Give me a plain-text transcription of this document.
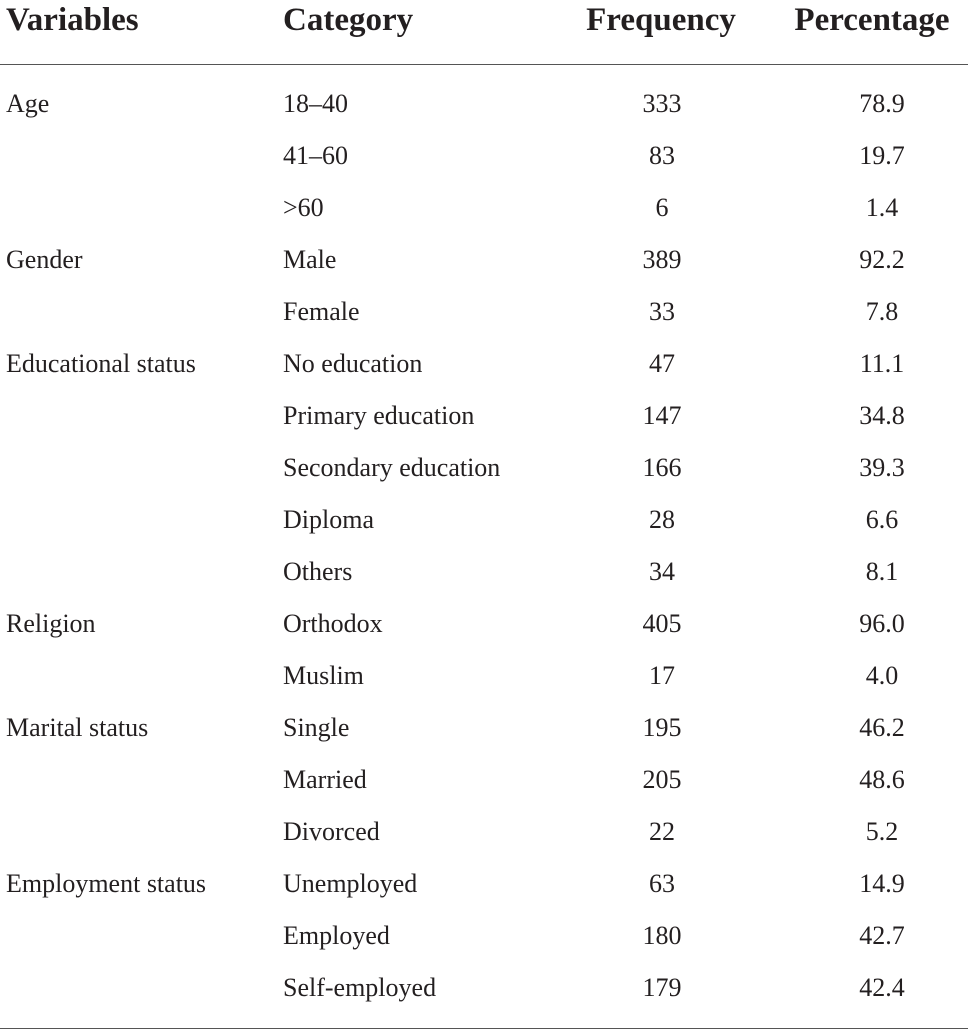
Variables	Category	Frequency	Percentage

Age	18–40	333	78.9
	41–60	83	19.7
	>60	6	1.4
Gender	Male	389	92.2
	Female	33	7.8
Educational status	No education	47	11.1
	Primary education	147	34.8
	Secondary education	166	39.3
	Diploma	28	6.6
	Others	34	8.1
Religion	Orthodox	405	96.0
	Muslim	17	4.0
Marital status	Single	195	46.2
	Married	205	48.6
	Divorced	22	5.2
Employment status	Unemployed	63	14.9
	Employed	180	42.7
	Self-employed	179	42.4
